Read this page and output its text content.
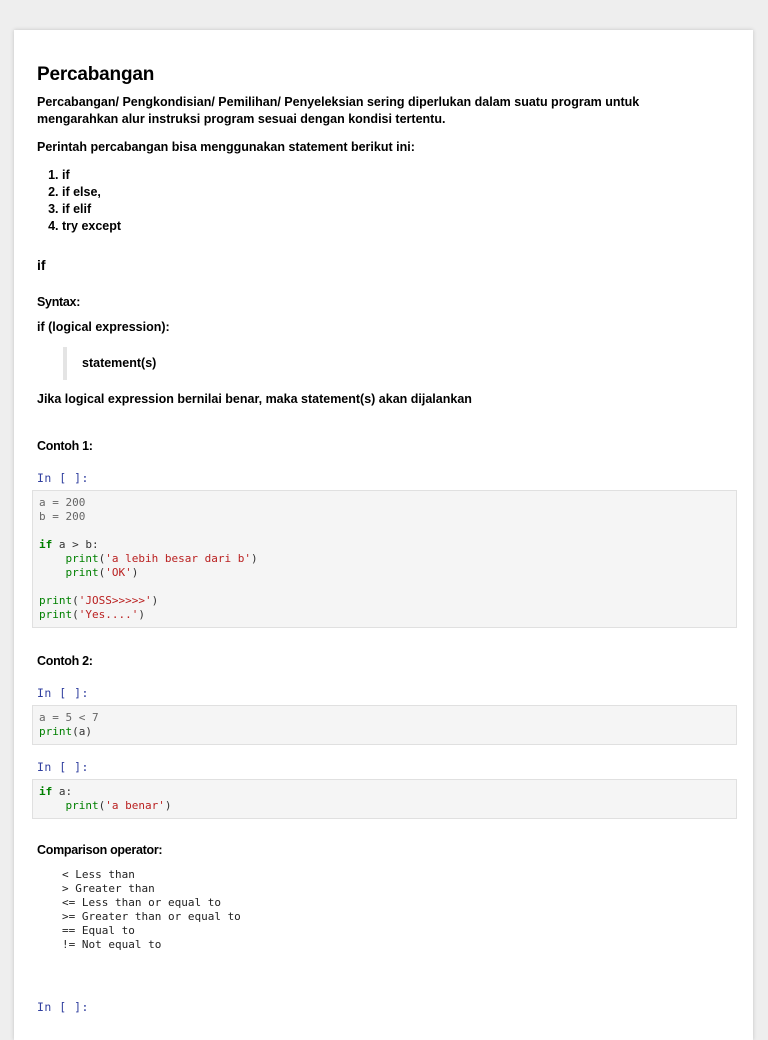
Percabangan

Percabangan/ Pengkondisian/ Pemilihan/ Penyeleksian sering diperlukan dalam suatu program untuk mengarahkan alur instruksi program sesuai dengan kondisi tertentu.

Perintah percabangan bisa menggunakan statement berikut ini:

1. if
2. if else,
3. if elif
4. try except
if
Syntax:

if (logical expression):

statement(s)

Jika logical expression bernilai benar, maka statement(s) akan dijalankan

Contoh 1:
In [ ]:
a = 200
b = 200

if a > b:
print('a lebih besar dari b')
print('OK')

print('JOSS>>>>>')
print('Yes....')
Contoh 2:
In [ ]:
a = 5 < 7
print(a)
In [ ]:
if a:
print('a benar')
Comparison operator:
< Less than
> Greater than
<= Less than or equal to
>= Greater than or equal to
== Equal to
!= Not equal to
In [ ]:
